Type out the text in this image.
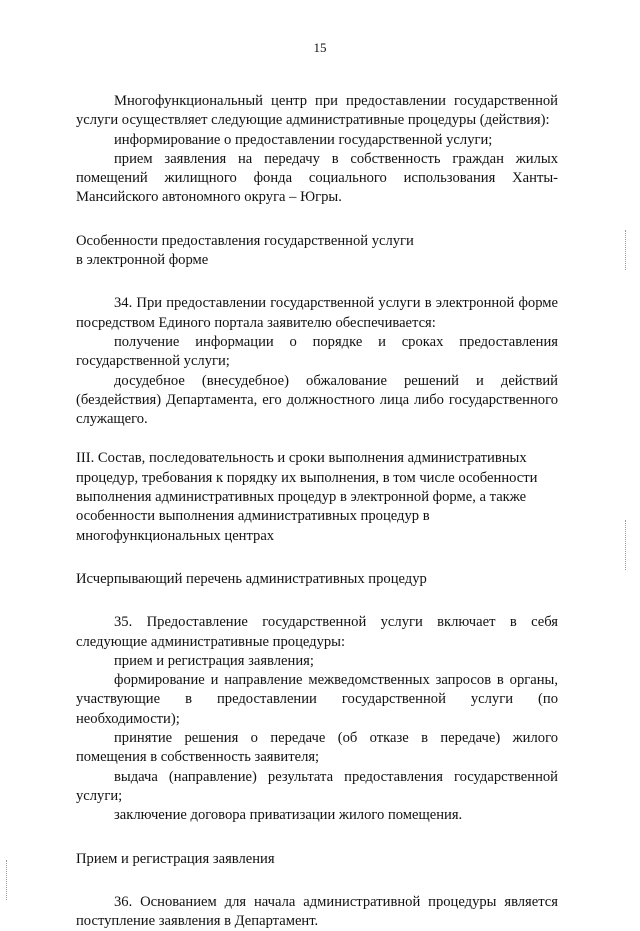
15

Многофункциональный центр при предоставлении государственной услуги осуществляет следующие административные процедуры (действия):

информирование о предоставлении государственной услуги;

прием заявления на передачу в собственность граждан жилых помещений жилищного фонда социального использования Ханты-Мансийского автономного округа – Югры.

Особенности предоставления государственной услуги

в электронной форме

34. При предоставлении государственной услуги в электронной форме посредством Единого портала заявителю обеспечивается:

получение информации о порядке и сроках предоставления государственной услуги;

досудебное (внесудебное) обжалование решений и действий (бездействия) Департамента, его должностного лица либо государственного служащего.

III. Состав, последовательность и сроки выполнения административных

процедур, требования к порядку их выполнения, в том числе особенности

выполнения административных процедур в электронной форме, а также

особенности выполнения административных процедур в

многофункциональных центрах

Исчерпывающий перечень административных процедур

35. Предоставление государственной услуги включает в себя следующие административные процедуры:

прием и регистрация заявления;

формирование и направление межведомственных запросов в органы, участвующие в предоставлении государственной услуги (по необходимости);

принятие решения о передаче (об отказе в передаче) жилого помещения в собственность заявителя;

выдача (направление) результата предоставления государственной услуги;

заключение договора приватизации жилого помещения.

Прием и регистрация заявления

36. Основанием для начала административной процедуры является поступление заявления в Департамент.
